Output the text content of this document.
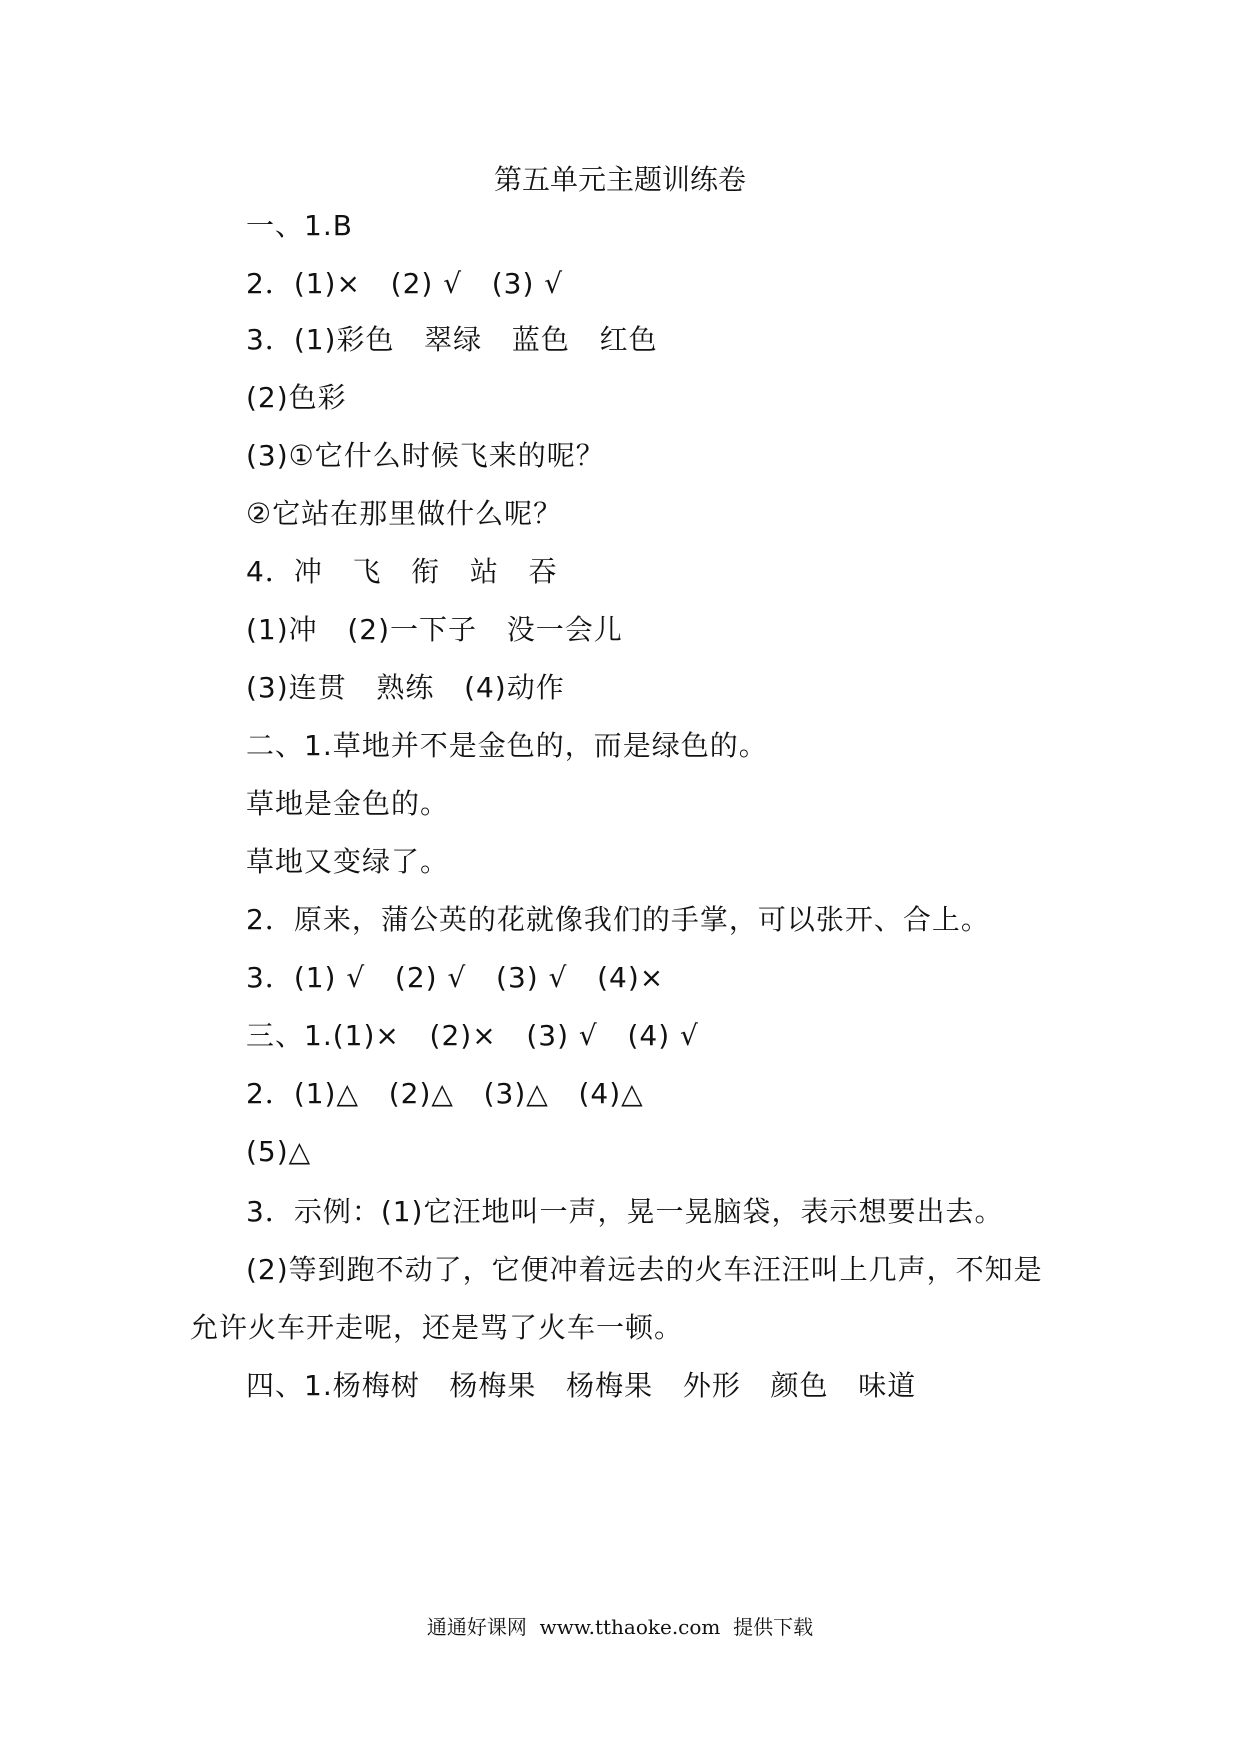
第五单元主题训练卷
一、1.B
2．(1)×   (2) √   (3) √
3．(1)彩色   翠绿   蓝色   红色
(2)色彩
(3)①它什么时候飞来的呢？
②它站在那里做什么呢？
4．冲   飞   衔   站   吞
(1)冲   (2)一下子   没一会儿
(3)连贯   熟练   (4)动作
二、1.草地并不是金色的，而是绿色的。
草地是金色的。
草地又变绿了。
2．原来，蒲公英的花就像我们的手掌，可以张开、合上。
3．(1) √   (2) √   (3) √   (4)×
三、1.(1)×   (2)×   (3) √   (4) √
2．(1)△   (2)△   (3)△   (4)△
(5)△
3．示例：(1)它汪地叫一声，晃一晃脑袋，表示想要出去。
(2)等到跑不动了，它便冲着远去的火车汪汪叫上几声，不知是
允许火车开走呢，还是骂了火车一顿。
四、1.杨梅树   杨梅果   杨梅果   外形   颜色   味道
通通好课网  www.tthaoke.com  提供下载
